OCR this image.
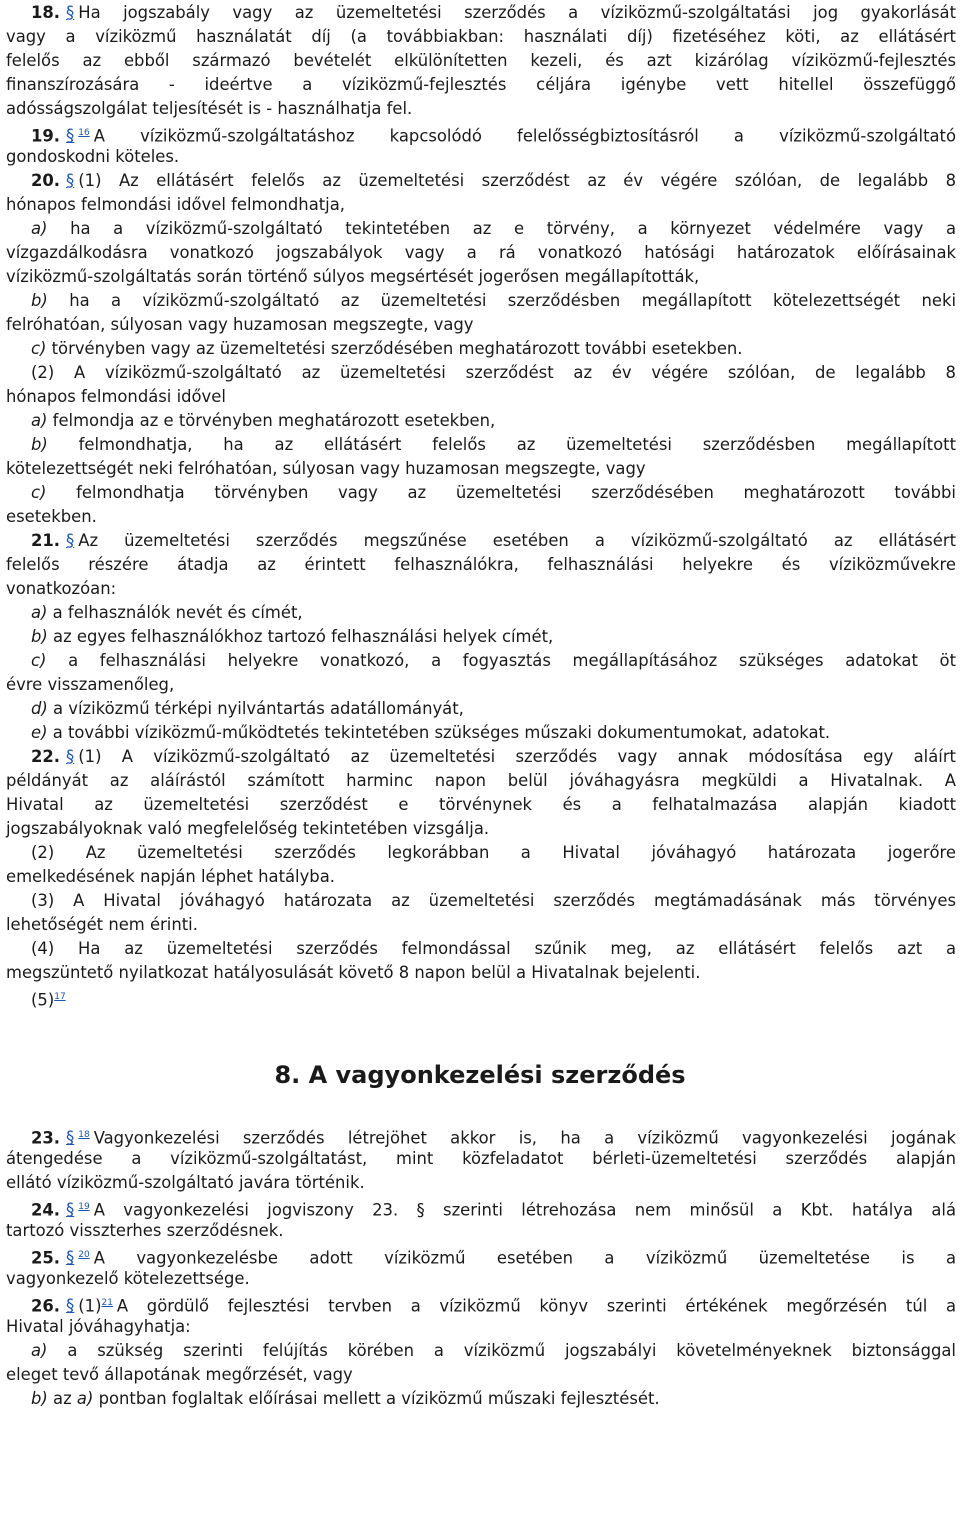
18. § Ha jogszabály vagy az üzemeltetési szerződés a víziközmű-szolgáltatási jog gyakorlását
vagy a víziközmű használatát díj (a továbbiakban: használati díj) fizetéséhez köti, az ellátásért
felelős az ebből származó bevételét elkülönítetten kezeli, és azt kizárólag víziközmű-fejlesztés
finanszírozására - ideértve a víziközmű-fejlesztés céljára igénybe vett hitellel összefüggő
adósságszolgálat teljesítését is - használhatja fel.
19. § $^{16}$ A víziközmű-szolgáltatáshoz kapcsolódó felelősségbiztosításról a víziközmű-szolgáltató
gondoskodni köteles.
20. § (1) Az ellátásért felelős az üzemeltetési szerződést az év végére szólóan, de legalább 8
hónapos felmondási idővel felmondhatja,
a) ha a víziközmű-szolgáltató tekintetében az e törvény, a környezet védelmére vagy a
vízgazdálkodásra vonatkozó jogszabályok vagy a rá vonatkozó hatósági határozatok előírásainak
víziközmű-szolgáltatás során történő súlyos megsértését jogerősen megállapították,
b) ha a víziközmű-szolgáltató az üzemeltetési szerződésben megállapított kötelezettségét neki
felróhatóan, súlyosan vagy huzamosan megszegte, vagy
c) törvényben vagy az üzemeltetési szerződésében meghatározott további esetekben.
(2) A víziközmű-szolgáltató az üzemeltetési szerződést az év végére szólóan, de legalább 8
hónapos felmondási idővel
a) felmondja az e törvényben meghatározott esetekben,
b) felmondhatja, ha az ellátásért felelős az üzemeltetési szerződésben megállapított
kötelezettségét neki felróhatóan, súlyosan vagy huzamosan megszegte, vagy
c) felmondhatja törvényben vagy az üzemeltetési szerződésében meghatározott további
esetekben.
21. § Az üzemeltetési szerződés megszűnése esetében a víziközmű-szolgáltató az ellátásért
felelős részére átadja az érintett felhasználókra, felhasználási helyekre és víziközművekre
vonatkozóan:
a) a felhasználók nevét és címét,
b) az egyes felhasználókhoz tartozó felhasználási helyek címét,
c) a felhasználási helyekre vonatkozó, a fogyasztás megállapításához szükséges adatokat öt
évre visszamenőleg,
d) a víziközmű térképi nyilvántartás adatállományát,
e) a további víziközmű-működtetés tekintetében szükséges műszaki dokumentumokat, adatokat.
22. § (1) A víziközmű-szolgáltató az üzemeltetési szerződés vagy annak módosítása egy aláírt
példányát az aláírástól számított harminc napon belül jóváhagyásra megküldi a Hivatalnak. A
Hivatal az üzemeltetési szerződést e törvénynek és a felhatalmazása alapján kiadott
jogszabályoknak való megfelelőség tekintetében vizsgálja.
(2) Az üzemeltetési szerződés legkorábban a Hivatal jóváhagyó határozata jogerőre
emelkedésének napján léphet hatályba.
(3) A Hivatal jóváhagyó határozata az üzemeltetési szerződés megtámadásának más törvényes
lehetőségét nem érinti.
(4) Ha az üzemeltetési szerződés felmondással szűnik meg, az ellátásért felelős azt a
megszüntető nyilatkozat hatályosulását követő 8 napon belül a Hivatalnak bejelenti.
(5)$^{17}$
8. A vagyonkezelési szerződés
23. § $^{18}$ Vagyonkezelési szerződés létrejöhet akkor is, ha a víziközmű vagyonkezelési jogának
átengedése a víziközmű-szolgáltatást, mint közfeladatot bérleti-üzemeltetési szerződés alapján
ellátó víziközmű-szolgáltató javára történik.
24. § $^{19}$ A vagyonkezelési jogviszony 23. § szerinti létrehozása nem minősül a Kbt. hatálya alá
tartozó visszterhes szerződésnek.
25. § $^{20}$ A vagyonkezelésbe adott víziközmű esetében a víziközmű üzemeltetése is a
vagyonkezelő kötelezettsége.
26. § (1)$^{21}$ A gördülő fejlesztési tervben a víziközmű könyv szerinti értékének megőrzésén túl a
Hivatal jóváhagyhatja:
a) a szükség szerinti felújítás körében a víziközmű jogszabályi követelményeknek biztonsággal
eleget tevő állapotának megőrzését, vagy
b) az a) pontban foglaltak előírásai mellett a víziközmű műszaki fejlesztését.
